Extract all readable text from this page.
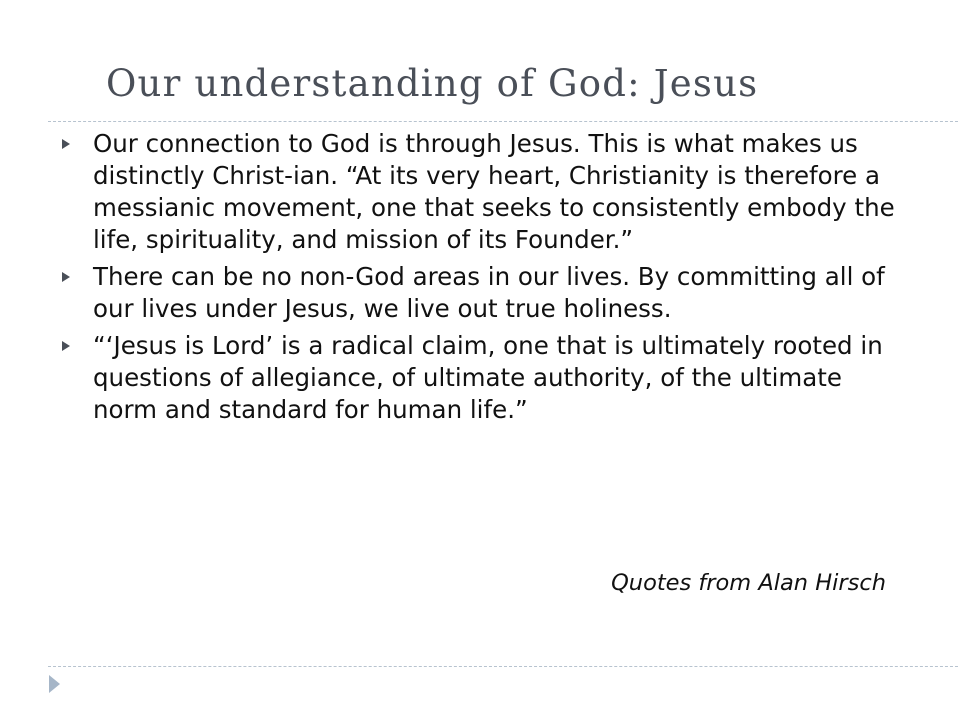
Our understanding of God: Jesus
Our connection to God is through Jesus. This is what makes us distinctly Christ-ian. “At its very heart, Christianity is therefore a messianic movement, one that seeks to consistently embody the life, spirituality, and mission of its Founder.”
There can be no non-God areas in our lives. By committing all of our lives under Jesus, we live out true holiness.
“‘Jesus is Lord’ is a radical claim, one that is ultimately rooted in questions of allegiance, of ultimate authority, of the ultimate norm and standard for human life.”

Quotes from Alan Hirsch
